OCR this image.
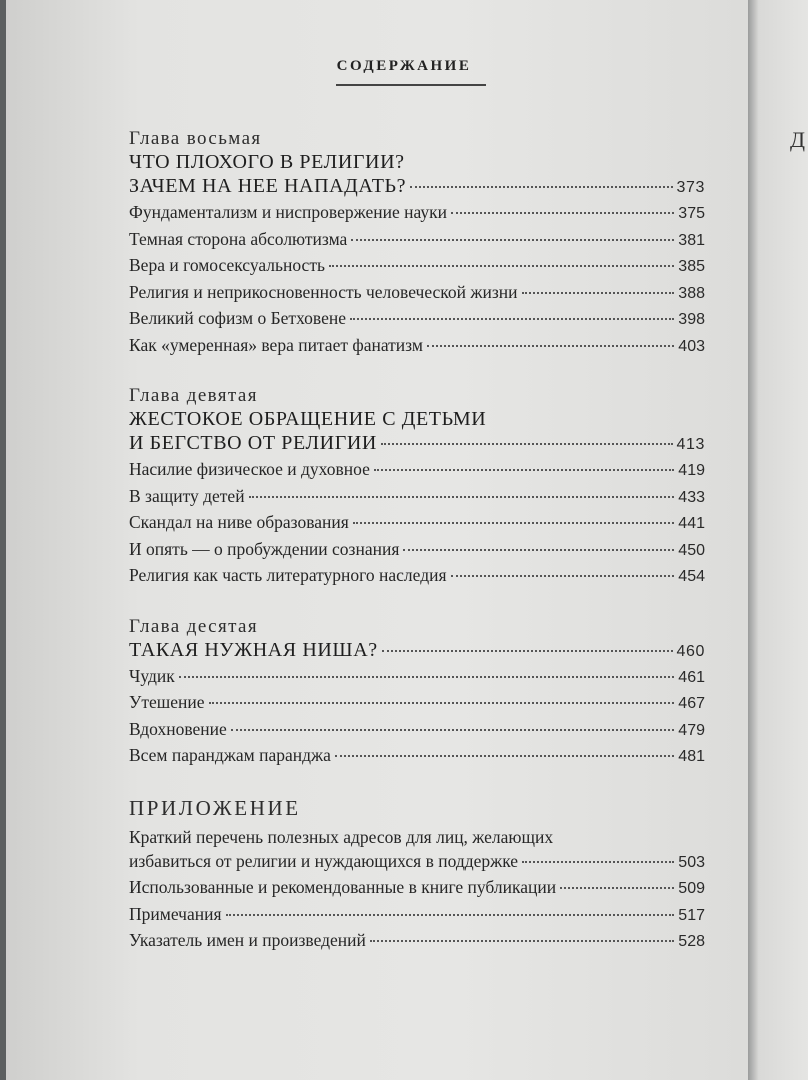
Д
СОДЕРЖАНИЕ
Глава восьмая
ЧТО ПЛОХОГО В РЕЛИГИИ?
ЗАЧЕМ НА НЕЕ НАПАДАТЬ?	373
Фундаментализм и ниспровержение науки	375
Темная сторона абсолютизма	381
Вера и гомосексуальность	385
Религия и неприкосновенность человеческой жизни	388
Великий софизм о Бетховене	398
Как «умеренная» вера питает фанатизм	403
Глава девятая
ЖЕСТОКОЕ ОБРАЩЕНИЕ С ДЕТЬМИ
И БЕГСТВО ОТ РЕЛИГИИ	413
Насилие физическое и духовное	419
В защиту детей	433
Скандал на ниве образования	441
И опять — о пробуждении сознания	450
Религия как часть литературного наследия	454
Глава десятая
ТАКАЯ НУЖНАЯ НИША?	460
Чудик	461
Утешение	467
Вдохновение	479
Всем паранджам паранджа	481
ПРИЛОЖЕНИЕ
Краткий перечень полезных адресов для лиц, желающих
избавиться от религии и нуждающихся в поддержке	503
Использованные и рекомендованные в книге публикации	509
Примечания	517
Указатель имен и произведений	528
